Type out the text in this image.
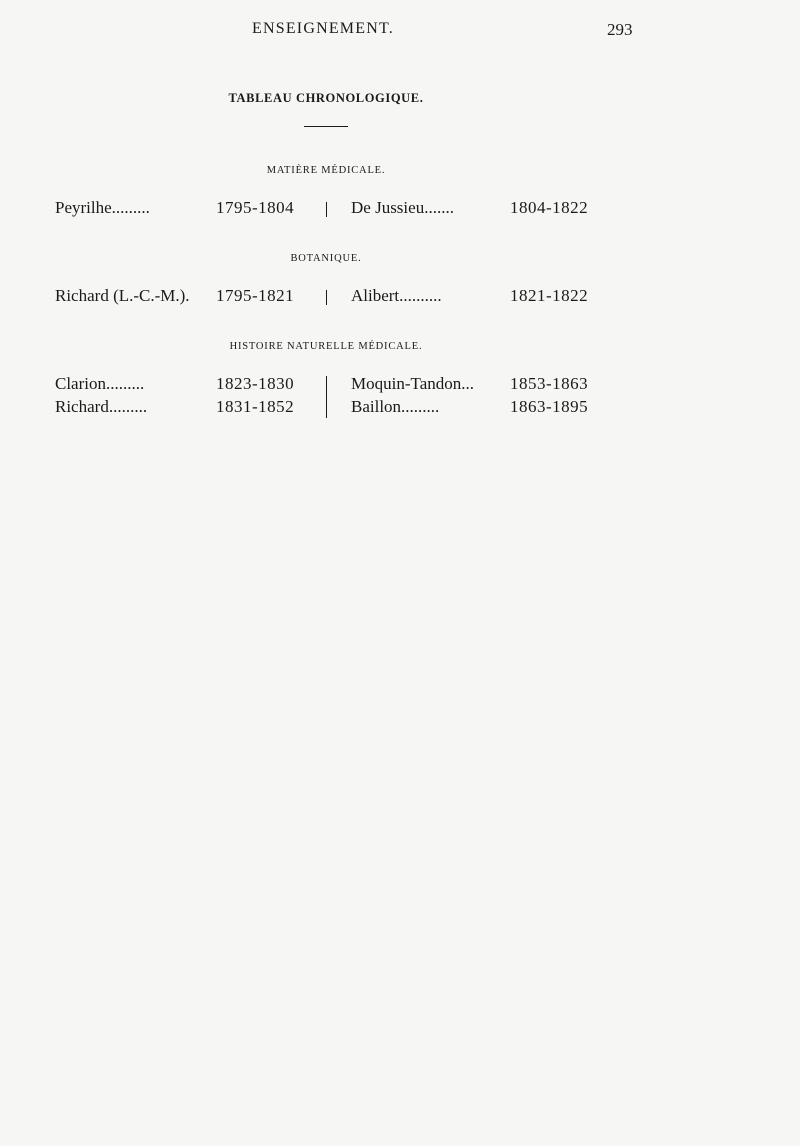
ENSEIGNEMENT.	293
TABLEAU CHRONOLOGIQUE.
MATIÈRE MÉDICALE.
Peyrilhe.........	1795-1804	De Jussieu.......	1804-1822
BOTANIQUE.
Richard (L.-C.-M.). 1795-1821	Alibert..........	1821-1822
HISTOIRE NATURELLE MÉDICALE.
Clarion.........	1823-1830	Moquin-Tandon... 1853-1863
Richard.........	1831-1852	Baillon.........	1863-1895
